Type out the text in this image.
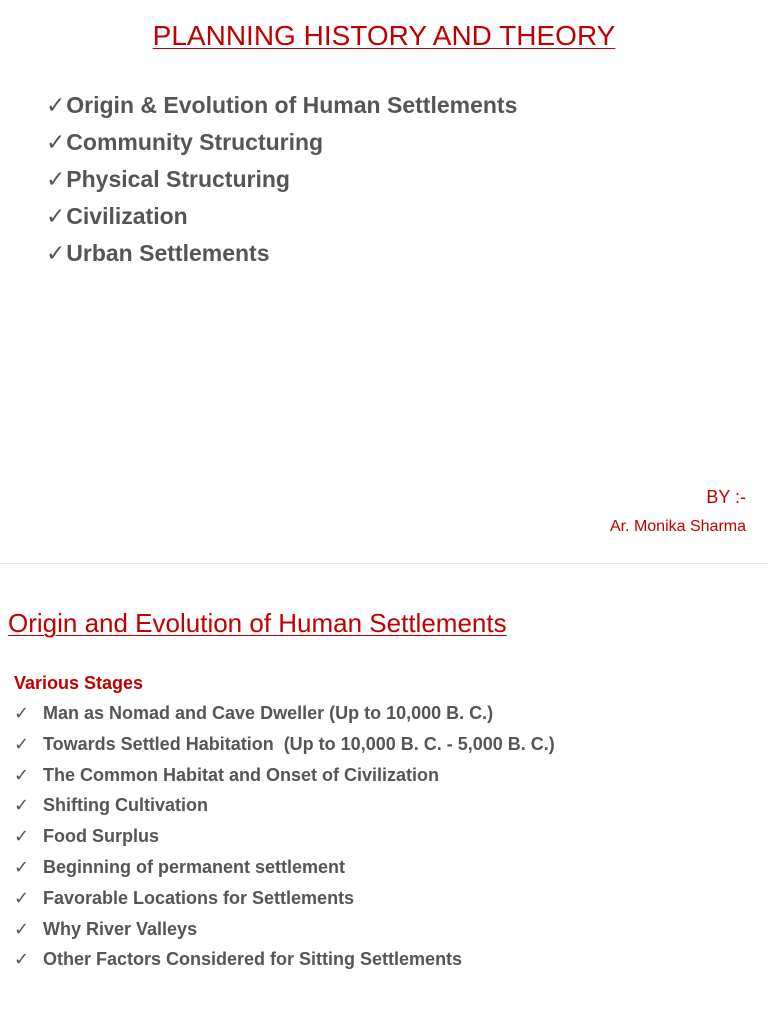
PLANNING HISTORY AND THEORY
✓Origin & Evolution of Human Settlements
✓Community Structuring
✓Physical Structuring
✓Civilization
✓Urban Settlements
BY :-
Ar. Monika Sharma
Origin and Evolution of Human Settlements
Various Stages
✓ Man as Nomad and Cave Dweller (Up to 10,000 B. C.)
✓ Towards Settled Habitation  (Up to 10,000 B. C. - 5,000 B. C.)
✓ The Common Habitat and Onset of Civilization
✓ Shifting Cultivation
✓ Food Surplus
✓ Beginning of permanent settlement
✓ Favorable Locations for Settlements
✓ Why River Valleys
✓ Other Factors Considered for Sitting Settlements
